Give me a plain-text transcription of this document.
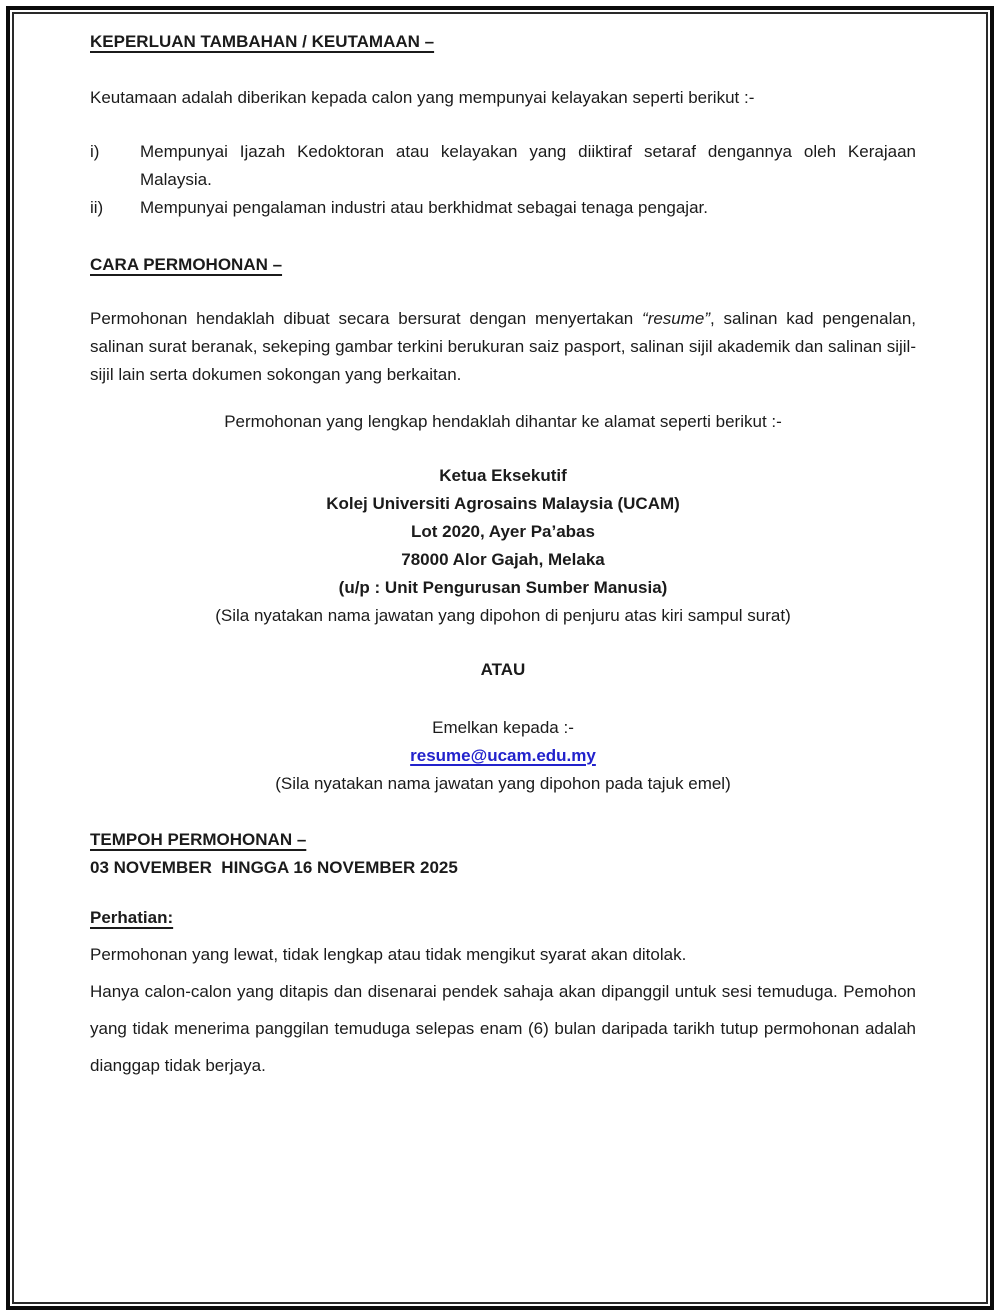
KEPERLUAN TAMBAHAN / KEUTAMAAN –

Keutamaan adalah diberikan kepada calon yang mempunyai kelayakan seperti berikut :-

i)	Mempunyai Ijazah Kedoktoran atau kelayakan yang diiktiraf setaraf dengannya oleh Kerajaan Malaysia.
ii)	Mempunyai pengalaman industri atau berkhidmat sebagai tenaga pengajar.

CARA PERMOHONAN –

Permohonan hendaklah dibuat secara bersurat dengan menyertakan “resume”, salinan kad pengenalan, salinan surat beranak, sekeping gambar terkini berukuran saiz pasport, salinan sijil akademik dan salinan sijil-sijil lain serta dokumen sokongan yang berkaitan.

Permohonan yang lengkap hendaklah dihantar ke alamat seperti berikut :-

Ketua Eksekutif

Kolej Universiti Agrosains Malaysia (UCAM)

Lot 2020, Ayer Pa’abas

78000 Alor Gajah, Melaka

(u/p : Unit Pengurusan Sumber Manusia)

(Sila nyatakan nama jawatan yang dipohon di penjuru atas kiri sampul surat)

ATAU

Emelkan kepada :-

resume@ucam.edu.my

(Sila nyatakan nama jawatan yang dipohon pada tajuk emel)

TEMPOH PERMOHONAN –

03 NOVEMBER  HINGGA 16 NOVEMBER 2025

Perhatian:

Permohonan yang lewat, tidak lengkap atau tidak mengikut syarat akan ditolak.

Hanya calon-calon yang ditapis dan disenarai pendek sahaja akan dipanggil untuk sesi temuduga. Pemohon yang tidak menerima panggilan temuduga selepas enam (6) bulan daripada tarikh tutup permohonan adalah dianggap tidak berjaya.
